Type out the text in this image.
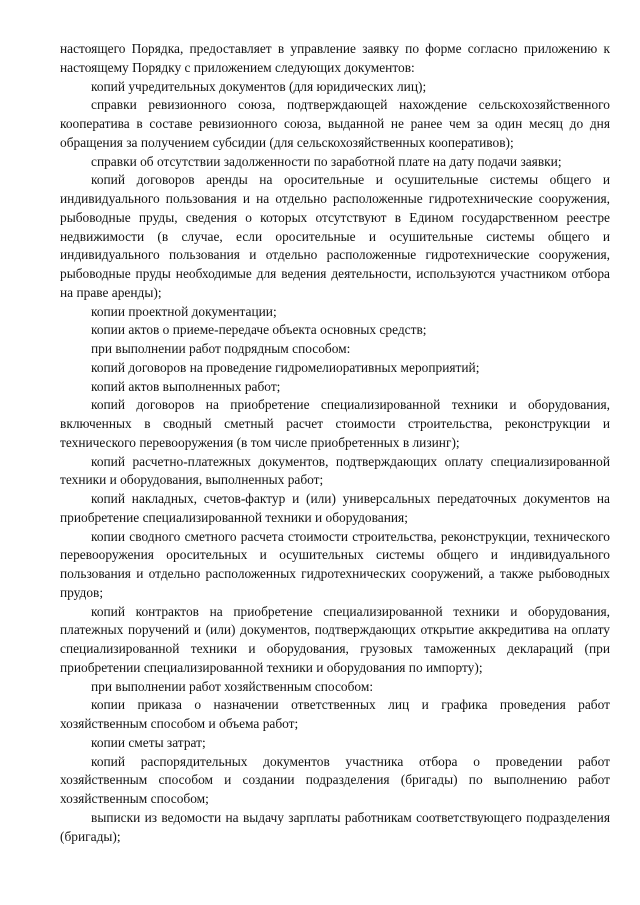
настоящего Порядка, предоставляет в управление заявку по форме согласно приложению к настоящему Порядку с приложением следующих документов:

копий учредительных документов (для юридических лиц);

справки ревизионного союза, подтверждающей нахождение сельскохозяйственного кооператива в составе ревизионного союза, выданной не ранее чем за один месяц до дня обращения за получением субсидии (для сельскохозяйственных кооперативов);

справки об отсутствии задолженности по заработной плате на дату подачи заявки;

копий договоров аренды на оросительные и осушительные системы общего и индивидуального пользования и на отдельно расположенные гидротехнические сооружения, рыбоводные пруды, сведения о которых отсутствуют в Едином государственном реестре недвижимости (в случае, если оросительные и осушительные системы общего и индивидуального пользования и отдельно расположенные гидротехнические сооружения, рыбоводные пруды необходимые для ведения деятельности, используются участником отбора на праве аренды);

копии проектной документации;

копии актов о приеме-передаче объекта основных средств;

при выполнении работ подрядным способом:

копий договоров на проведение гидромелиоративных мероприятий;

копий актов выполненных работ;

копий договоров на приобретение специализированной техники и оборудования, включенных в сводный сметный расчет стоимости строительства, реконструкции и технического перевооружения (в том числе приобретенных в лизинг);

копий расчетно-платежных документов, подтверждающих оплату специализированной техники и оборудования, выполненных работ;

копий накладных, счетов-фактур и (или) универсальных передаточных документов на приобретение специализированной техники и оборудования;

копии сводного сметного расчета стоимости строительства, реконструкции, технического перевооружения оросительных и осушительных системы общего и индивидуального пользования и отдельно расположенных гидротехнических сооружений, а также рыбоводных прудов;

копий контрактов на приобретение специализированной техники и оборудования, платежных поручений и (или) документов, подтверждающих открытие аккредитива на оплату специализированной техники и оборудования, грузовых таможенных деклараций (при приобретении специализированной техники и оборудования по импорту);

при выполнении работ хозяйственным способом:

копии приказа о назначении ответственных лиц и графика проведения работ хозяйственным способом и объема работ;

копии сметы затрат;

копий распорядительных документов участника отбора о проведении работ хозяйственным способом и создании подразделения (бригады) по выполнению работ хозяйственным способом;

выписки из ведомости на выдачу зарплаты работникам соответствующего подразделения (бригады);
